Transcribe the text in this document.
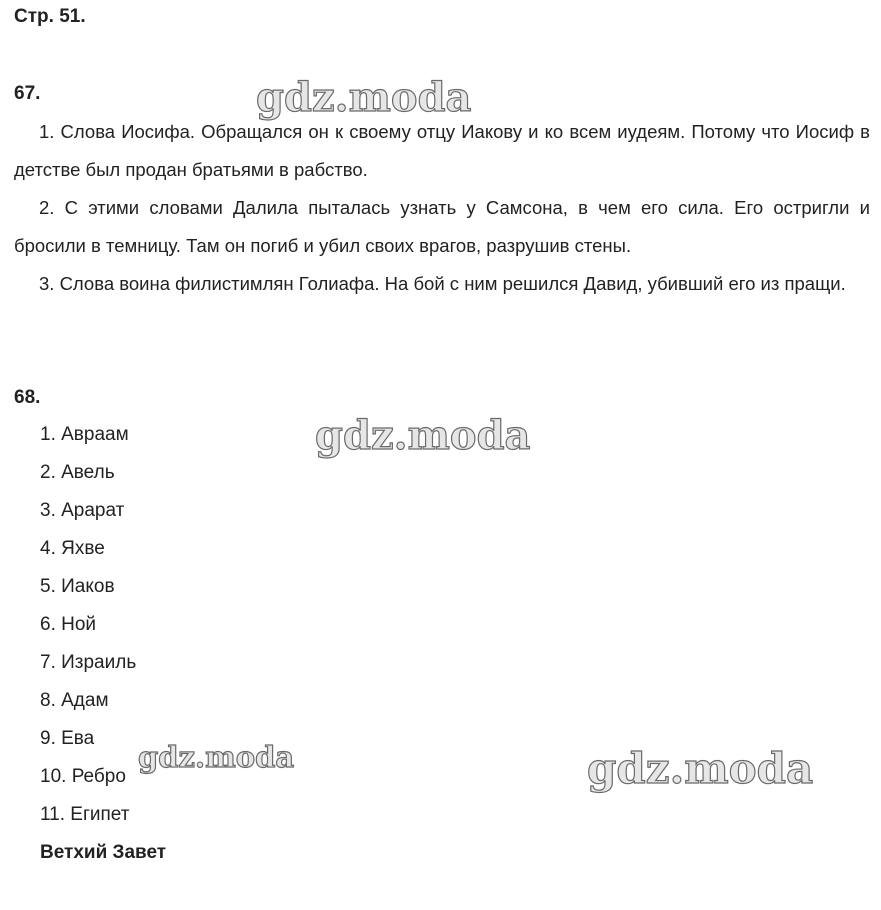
Стр. 51.
67.

1. Слова Иосифа. Обращался он к своему отцу Иакову и ко всем иудеям. Потому что Иосиф в детстве был продан братьями в рабство.

2. С этими словами Далила пыталась узнать у Самсона, в чем его сила. Его остригли и бросили в темницу. Там он погиб и убил своих врагов, разрушив стены.

3. Слова воина филистимлян Голиафа. На бой с ним решился Давид, убивший его из пращи.

68.
1. Авраам
2. Авель
3. Арарат
4. Яхве
5. Иаков
6. Ной
7. Израиль
8. Адам
9. Ева
10. Ребро
11. Египет
Ветхий Завет
gdz.moda
gdz.moda
gdz.moda	gdz.moda
